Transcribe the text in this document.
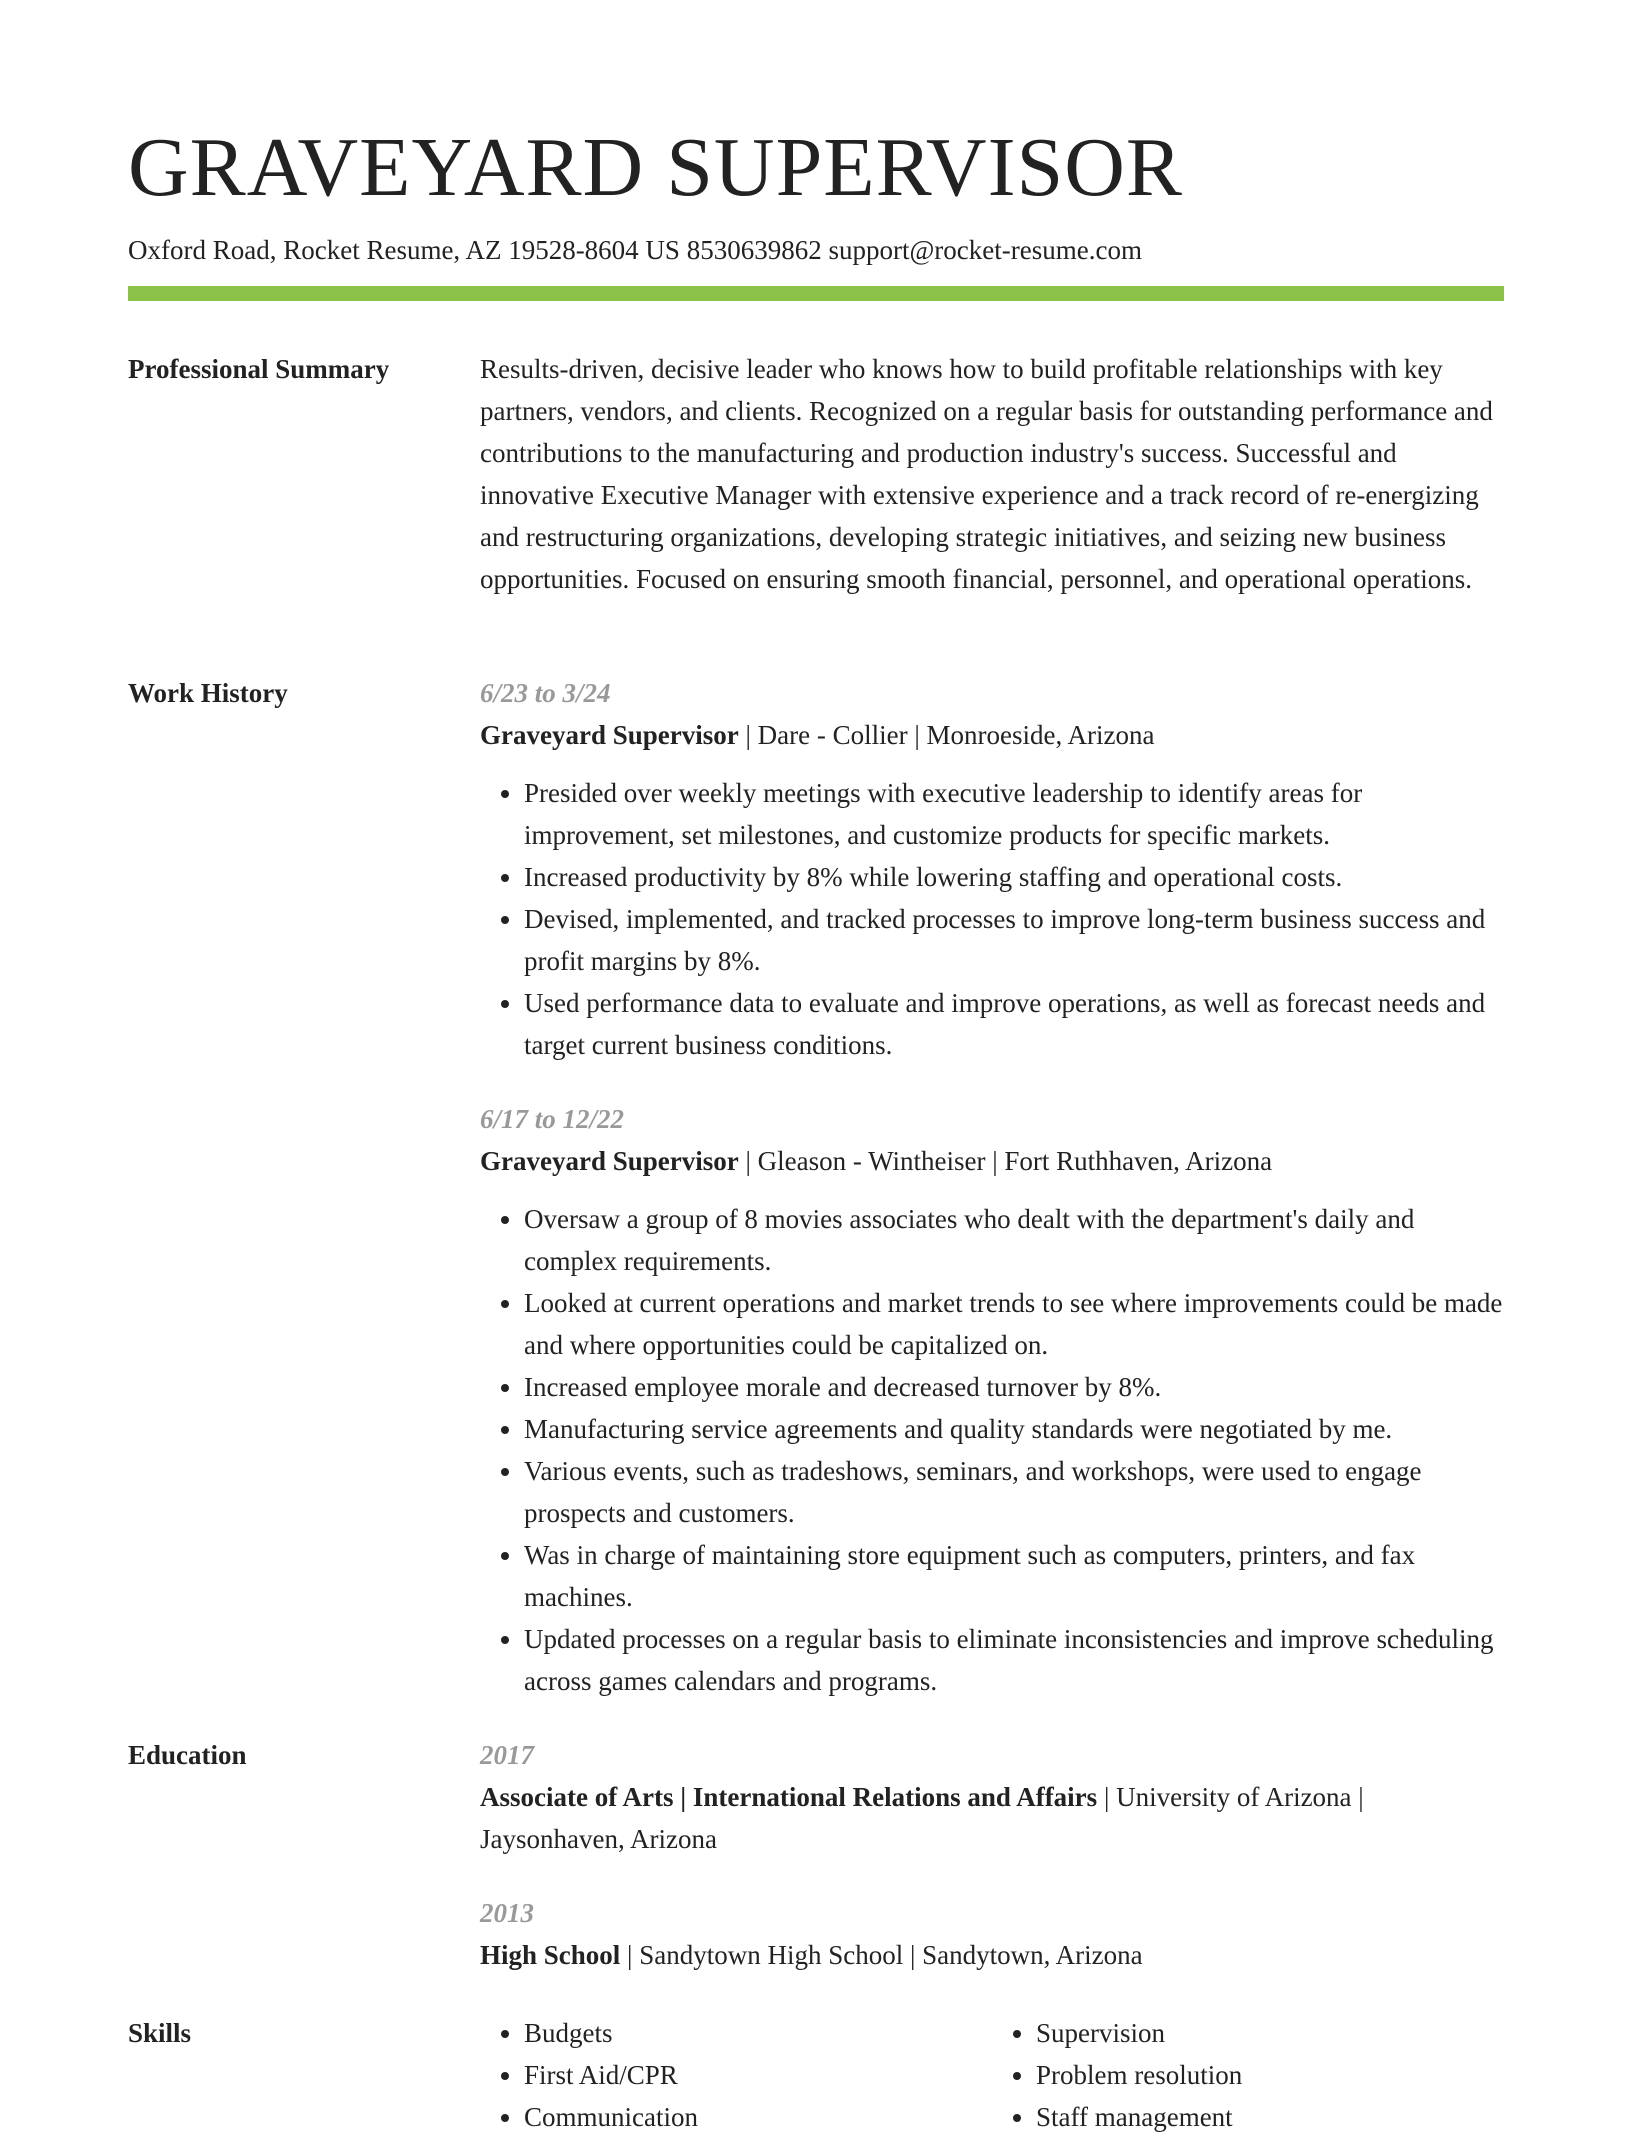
GRAVEYARD SUPERVISOR
Oxford Road, Rocket Resume, AZ 19528-8604 US 8530639862 support@rocket-resume.com
Professional Summary	Results-driven, decisive leader who knows how to build profitable relationships with key partners, vendors, and clients. Recognized on a regular basis for outstanding performance and contributions to the manufacturing and production industry's success. Successful and innovative Executive Manager with extensive experience and a track record of re-energizing and restructuring organizations, developing strategic initiatives, and seizing new business opportunities. Focused on ensuring smooth financial, personnel, and operational operations.

Work History	6/23 to 3/24
Graveyard Supervisor | Dare - Collier | Monroeside, Arizona
• Presided over weekly meetings with executive leadership to identify areas for improvement, set milestones, and customize products for specific markets.
• Increased productivity by 8% while lowering staffing and operational costs.
• Devised, implemented, and tracked processes to improve long-term business success and profit margins by 8%.
• Used performance data to evaluate and improve operations, as well as forecast needs and target current business conditions.
6/17 to 12/22
Graveyard Supervisor | Gleason - Wintheiser | Fort Ruthhaven, Arizona
• Oversaw a group of 8 movies associates who dealt with the department's daily and complex requirements.
• Looked at current operations and market trends to see where improvements could be made and where opportunities could be capitalized on.
• Increased employee morale and decreased turnover by 8%.
• Manufacturing service agreements and quality standards were negotiated by me.
• Various events, such as tradeshows, seminars, and workshops, were used to engage prospects and customers.
• Was in charge of maintaining store equipment such as computers, printers, and fax machines.
• Updated processes on a regular basis to eliminate inconsistencies and improve scheduling across games calendars and programs.
Education	2017
Associate of Arts | International Relations and Affairs | University of Arizona | Jaysonhaven, Arizona
2013
High School | Sandytown High School | Sandytown, Arizona
Skills
•	Budgets
• First Aid/CPR
• Communication
• Supervision
• Problem resolution
• Staff management
